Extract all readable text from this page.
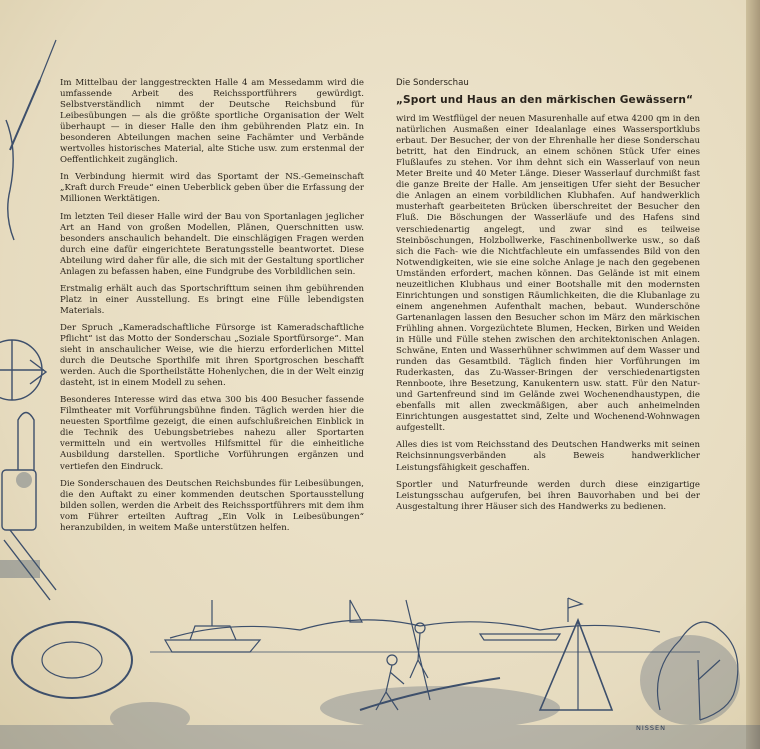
Im Mittelbau der langgestreckten Halle 4 am Messedamm wird die umfassende Arbeit des Reichssportführers gewürdigt. Selbstverständlich nimmt der Deutsche Reichsbund für Leibesübungen — als die größte sportliche Organisation der Welt überhaupt — in dieser Halle den ihm gebührenden Platz ein. In besonderen Abteilungen machen seine Fachämter und Verbände wertvolles historisches Material, alte Stiche usw. zum erstenmal der Oeffentlichkeit zugänglich.

In Verbindung hiermit wird das Sportamt der NS.-Gemeinschaft „Kraft durch Freude“ einen Ueberblick geben über die Erfassung der Millionen Werktätigen.

Im letzten Teil dieser Halle wird der Bau von Sportanlagen jeglicher Art an Hand von großen Modellen, Plänen, Querschnitten usw. besonders anschaulich behandelt. Die einschlägigen Fragen werden durch eine dafür eingerichtete Beratungsstelle beantwortet. Diese Abteilung wird daher für alle, die sich mit der Gestaltung sportlicher Anlagen zu befassen haben, eine Fundgrube des Vorbildlichen sein.

Erstmalig erhält auch das Sportschrifttum seinen ihm gebührenden Platz in einer Ausstellung. Es bringt eine Fülle lebendigsten Materials.

Der Spruch „Kameradschaftliche Fürsorge ist Kameradschaftliche Pflicht“ ist das Motto der Sonderschau „Soziale Sportfürsorge“. Man sieht in anschaulicher Weise, wie die hierzu erforderlichen Mittel durch die Deutsche Sporthilfe mit ihren Sportgroschen beschafft werden. Auch die Sportheilstätte Hohenlychen, die in der Welt einzig dasteht, ist in einem Modell zu sehen.

Besonderes Interesse wird das etwa 300 bis 400 Besucher fassende Filmtheater mit Vorführungsbühne finden. Täglich werden hier die neuesten Sportfilme gezeigt, die einen aufschlußreichen Einblick in die Technik des Uebungsbetriebes nahezu aller Sportarten vermitteln und ein wertvolles Hilfsmittel für die einheitliche Ausbildung darstellen. Sportliche Vorführungen ergänzen und vertiefen den Eindruck.

Die Sonderschauen des Deutschen Reichsbundes für Leibesübungen, die den Auftakt zu einer kommenden deutschen Sportausstellung bilden sollen, werden die Arbeit des Reichssportführers mit dem ihm vom Führer erteilten Auftrag „Ein Volk in Leibesübungen“ heranzubilden, in weitem Maße unterstützen helfen.

Die Sonderschau
„Sport und Haus an den märkischen Gewässern“

wird im Westflügel der neuen Masurenhalle auf etwa 4200 qm in den natürlichen Ausmaßen einer Idealanlage eines Wassersportklubs erbaut. Der Besucher, der von der Ehrenhalle her diese Sonderschau betritt, hat den Eindruck, an einem schönen Stück Ufer eines Flußlaufes zu stehen. Vor ihm dehnt sich ein Wasserlauf von neun Meter Breite und 40 Meter Länge. Dieser Wasserlauf durchmißt fast die ganze Breite der Halle. Am jenseitigen Ufer sieht der Besucher die Anlagen an einem vorbildlichen Klubhafen. Auf handwerklich musterhaft gearbeiteten Brücken überschreitet der Besucher den Fluß. Die Böschungen der Wasserläufe und des Hafens sind verschiedenartig angelegt, und zwar sind es teilweise Steinböschungen, Holzbollwerke, Faschinenbollwerke usw., so daß sich die Fach- wie die Nichtfachleute ein umfassendes Bild von den Notwendigkeiten, wie sie eine solche Anlage je nach den gegebenen Umständen erfordert, machen können. Das Gelände ist mit einem neuzeitlichen Klubhaus und einer Bootshalle mit den modernsten Einrichtungen und sonstigen Räumlichkeiten, die die Klubanlage zu einem angenehmen Aufenthalt machen, bebaut. Wunderschöne Gartenanlagen lassen den Besucher schon im März den märkischen Frühling ahnen. Vorgezüchtete Blumen, Hecken, Birken und Weiden in Hülle und Fülle stehen zwischen den architektonischen Anlagen. Schwäne, Enten und Wasserhühner schwimmen auf dem Wasser und runden das Gesamtbild. Täglich finden hier Vorführungen im Ruderkasten, das Zu-Wasser-Bringen der verschiedenartigsten Rennboote, ihre Besetzung, Kanukentern usw. statt. Für den Natur- und Gartenfreund sind im Gelände zwei Wochenendhaustypen, die ebenfalls mit allen zweckmäßigen, aber auch anheimelnden Einrichtungen ausgestattet sind, Zelte und Wochenend-Wohnwagen aufgestellt.

Alles dies ist vom Reichsstand des Deutschen Handwerks mit seinen Reichsinnungsverbänden als Beweis handwerklicher Leistungsfähigkeit geschaffen.

Sportler und Naturfreunde werden durch diese einzigartige Leistungsschau aufgerufen, bei ihren Bauvorhaben und bei der Ausgestaltung ihrer Häuser sich des Handwerks zu bedienen.

NISSEN
